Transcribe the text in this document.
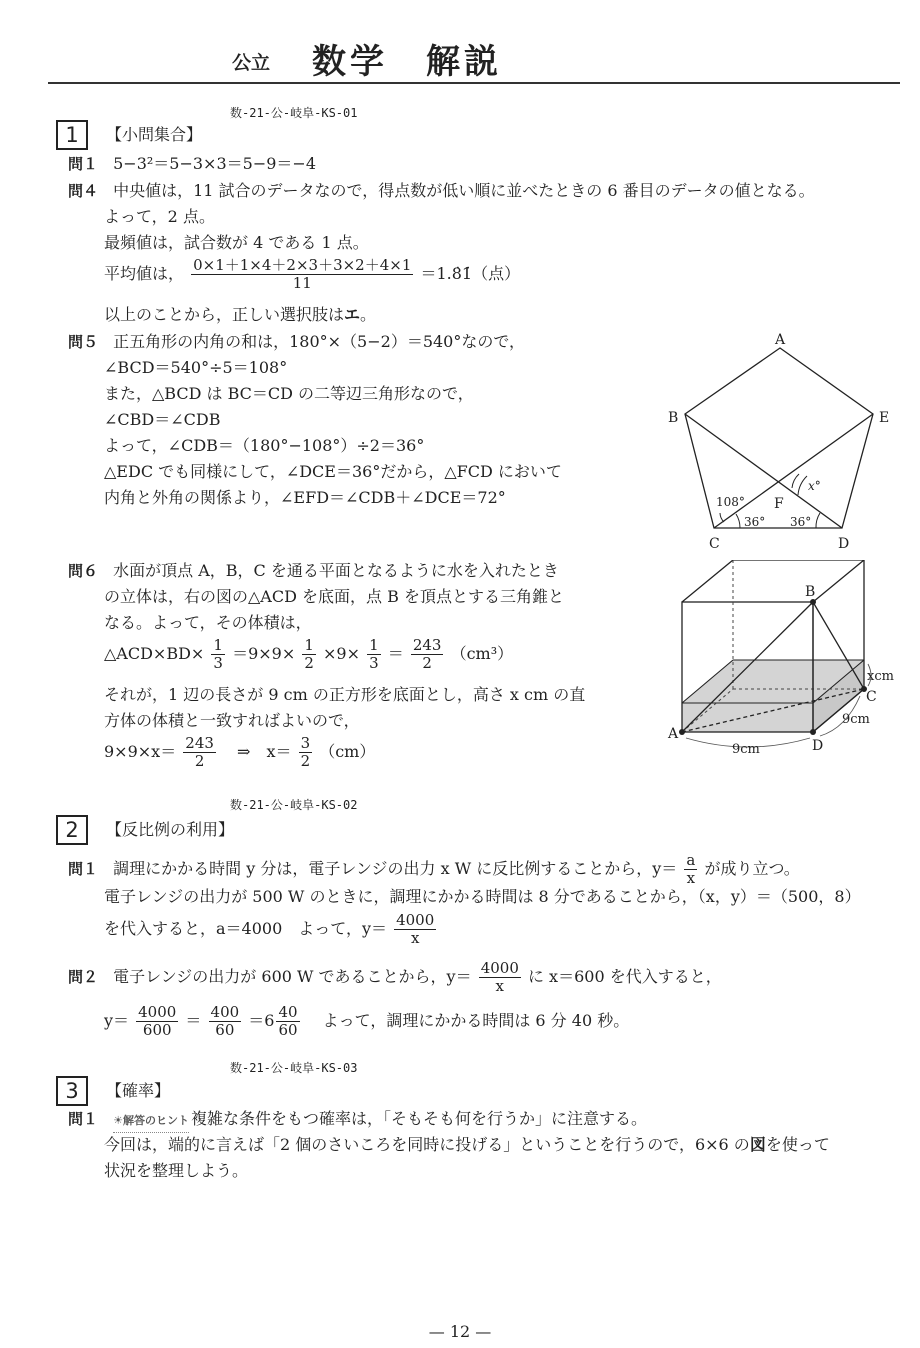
公立 数学　解説
数-21-公-岐阜-KS-01
1	【小問集合】
問１ 5−3²＝5−3×3＝5−9＝−4
問４ 中央値は，11 試合のデータなので，得点数が低い順に並べたときの 6 番目のデータの値となる。
よって，2 点。
最頻値は，試合数が 4 である 1 点。
平均値は， $\frac{0\times 1+1\times 4+2\times 3+3\times 2+4\times 1}{11}$ ＝1.8̇1̇（点）
以上のことから，正しい選択肢はエ。
問５ 正五角形の内角の和は，180°×（5−2）＝540°なので，
∠BCD＝540°÷5＝108°
また，△BCD は BC＝CD の二等辺三角形なので，
∠CBD＝∠CDB
よって，∠CDB＝（180°−108°）÷2＝36°
△EDC でも同様にして，∠DCE＝36°だから，△FCD において
内角と外角の関係より，∠EFD＝∠CDB＋∠DCE＝72°
A
B	E
C	D
F
x°
108°
36° 36°
問６ 水面が頂点 A，B，C を通る平面となるように水を入れたとき
の立体は，右の図の△ACD を底面，点 B を頂点とする三角錐と
なる。よって，その体積は，
△ACD×BD× $\frac{1}{3} =9\times 9\times \frac{1}{2} \times 9\times \frac{1}{3} = \frac{243}{2} (cm^3)$
それが，1 辺の長さが 9 cm の正方形を底面とし，高さ x cm の直
方体の体積と一致すればよいので，
$9\times 9\times x= \frac{243}{2}$ ⇒　$x= \frac{3}{2} (cm)$
A
B
C
D
xcm
9cm
9cm
数-21-公-岐阜-KS-02
2	【反比例の利用】
問１ 調理にかかる時間 y 分は，電子レンジの出力 x W に反比例することから，$y= \frac{a}{x}$ が成り立つ。
電子レンジの出力が 500 W のときに，調理にかかる時間は 8 分であることから，（x，y）＝（500，8）
を代入すると，a＝4000　よって，$y= \frac{4000}{x}$
問２ 電子レンジの出力が 600 W であることから，$y= \frac{4000}{x}$ に x＝600 を代入すると，
$y= \frac{4000}{600} = \frac{400}{60} =6 \frac{40}{60}$ 　よって，調理にかかる時間は 6 分 40 秒。
数-21-公-岐阜-KS-03
3	【確率】
問１ ☀解答のヒント 複雑な条件をもつ確率は，「そもそも何を行うか」に注意する。
今回は，端的に言えば「2 個のさいころを同時に投げる」ということを行うので，6×6 の図を使って
状況を整理しよう。
— 12 —
